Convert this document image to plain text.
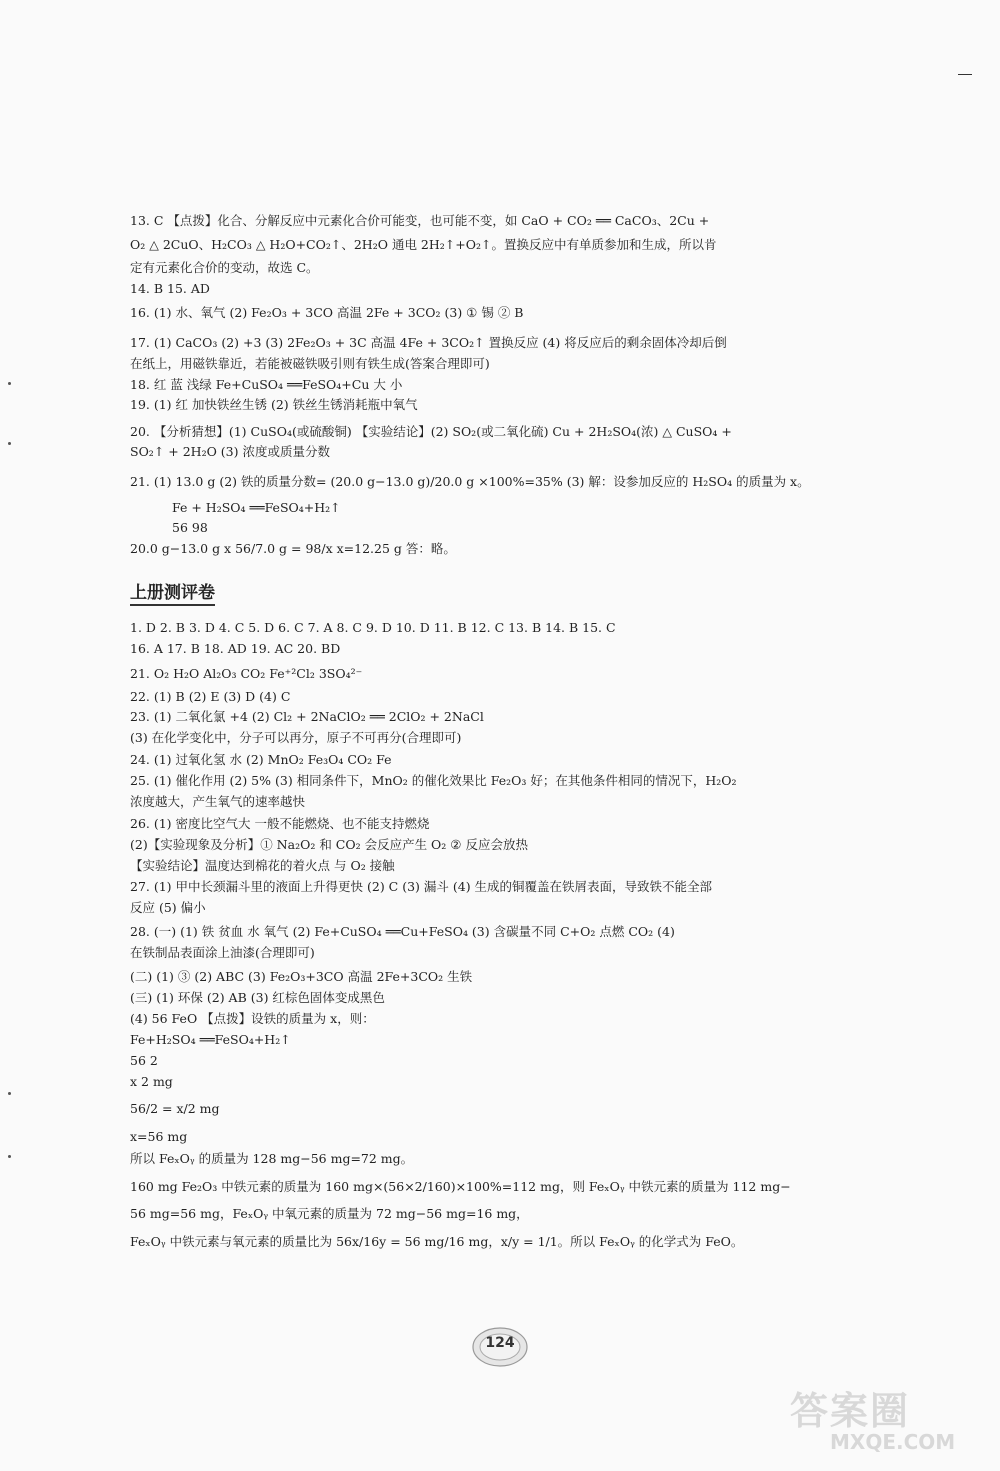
13. C 【点拨】化合、分解反应中元素化合价可能变，也可能不变，如 CaO + CO₂ ══ CaCO₃、2Cu +
O₂ △ 2CuO、H₂CO₃ △ H₂O+CO₂↑、2H₂O 通电 2H₂↑+O₂↑。置换反应中有单质参加和生成，所以肯
定有元素化合价的变动，故选 C。
14. B 15. AD
16. (1) 水、氧气 (2) Fe₂O₃ + 3CO 高温 2Fe + 3CO₂ (3) ① 锡 ② B
17. (1) CaCO₃ (2) +3 (3) 2Fe₂O₃ + 3C 高温 4Fe + 3CO₂↑ 置换反应 (4) 将反应后的剩余固体冷却后倒
在纸上，用磁铁靠近，若能被磁铁吸引则有铁生成(答案合理即可)
18. 红 蓝 浅绿 Fe+CuSO₄ ══FeSO₄+Cu 大 小
19. (1) 红 加快铁丝生锈 (2) 铁丝生锈消耗瓶中氧气
20. 【分析猜想】(1) CuSO₄(或硫酸铜) 【实验结论】(2) SO₂(或二氧化硫) Cu + 2H₂SO₄(浓) △ CuSO₄ +
SO₂↑ + 2H₂O (3) 浓度或质量分数
21. (1) 13.0 g (2) 铁的质量分数= (20.0 g−13.0 g)/20.0 g ×100%=35% (3) 解：设参加反应的 H₂SO₄ 的质量为 x。
Fe + H₂SO₄ ══FeSO₄+H₂↑
56 98
20.0 g−13.0 g x 56/7.0 g = 98/x x=12.25 g 答：略。
上册测评卷
1. D 2. B 3. D 4. C 5. D 6. C 7. A 8. C 9. D 10. D 11. B 12. C 13. B 14. B 15. C
16. A 17. B 18. AD 19. AC 20. BD
21. O₂ H₂O Al₂O₃ CO₂ Fe⁺²Cl₂ 3SO₄²⁻
22. (1) B (2) E (3) D (4) C
23. (1) 二氧化氯 +4 (2) Cl₂ + 2NaClO₂ ══ 2ClO₂ + 2NaCl
(3) 在化学变化中，分子可以再分，原子不可再分(合理即可)
24. (1) 过氧化氢 水 (2) MnO₂ Fe₃O₄ CO₂ Fe
25. (1) 催化作用 (2) 5% (3) 相同条件下，MnO₂ 的催化效果比 Fe₂O₃ 好；在其他条件相同的情况下，H₂O₂
浓度越大，产生氧气的速率越快
26. (1) 密度比空气大 一般不能燃烧、也不能支持燃烧
(2)【实验现象及分析】① Na₂O₂ 和 CO₂ 会反应产生 O₂ ② 反应会放热
【实验结论】温度达到棉花的着火点 与 O₂ 接触
27. (1) 甲中长颈漏斗里的液面上升得更快 (2) C (3) 漏斗 (4) 生成的铜覆盖在铁屑表面，导致铁不能全部
反应 (5) 偏小
28. (一) (1) 铁 贫血 水 氧气 (2) Fe+CuSO₄ ══Cu+FeSO₄ (3) 含碳量不同 C+O₂ 点燃 CO₂ (4)
在铁制品表面涂上油漆(合理即可)
(二) (1) ③ (2) ABC (3) Fe₂O₃+3CO 高温 2Fe+3CO₂ 生铁
(三) (1) 环保 (2) AB (3) 红棕色固体变成黑色
(4) 56 FeO 【点拨】设铁的质量为 x，则：
Fe+H₂SO₄ ══FeSO₄+H₂↑
56 2
x 2 mg
56/2 = x/2 mg
x=56 mg
所以 FeₓOᵧ 的质量为 128 mg−56 mg=72 mg。
160 mg Fe₂O₃ 中铁元素的质量为 160 mg×(56×2/160)×100%=112 mg，则 FeₓOᵧ 中铁元素的质量为 112 mg−
56 mg=56 mg，FeₓOᵧ 中氧元素的质量为 72 mg−56 mg=16 mg，
FeₓOᵧ 中铁元素与氧元素的质量比为 56x/16y = 56 mg/16 mg，x/y = 1/1。所以 FeₓOᵧ 的化学式为 FeO。
124
答案圈
MXQE.COM
